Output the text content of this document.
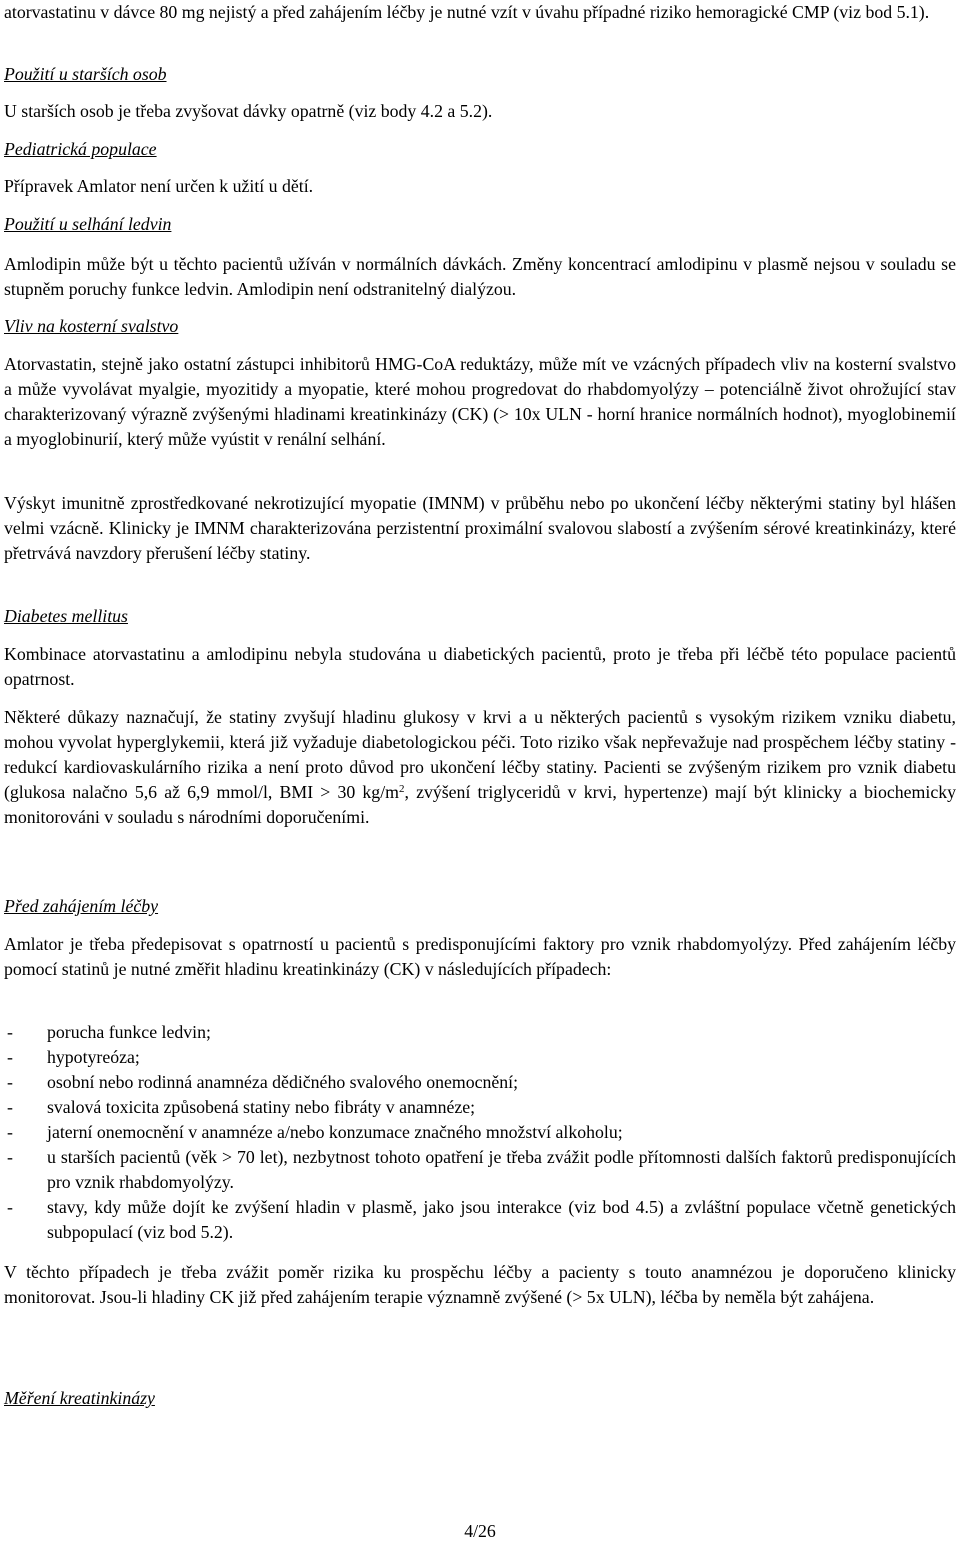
atorvastatinu v dávce 80 mg nejistý a před zahájením léčby je nutné vzít v úvahu případné riziko hemoragické CMP (viz bod 5.1).

Použití u starších osob

U starších osob je třeba zvyšovat dávky opatrně (viz body 4.2 a 5.2).

Pediatrická populace

Přípravek Amlator není určen k užití u dětí.

Použití u selhání ledvin

Amlodipin může být u těchto pacientů užíván v normálních dávkách. Změny koncentrací amlodipinu v plasmě nejsou v souladu se stupněm poruchy funkce ledvin. Amlodipin není odstranitelný dialýzou.

Vliv na kosterní svalstvo

Atorvastatin, stejně jako ostatní zástupci inhibitorů HMG-CoA reduktázy, může mít ve vzácných případech vliv na kosterní svalstvo a může vyvolávat myalgie, myozitidy a myopatie, které mohou progredovat do rhabdomyolýzy – potenciálně život ohrožující stav charakterizovaný výrazně zvýšenými hladinami kreatinkinázy (CK) (> 10x ULN - horní hranice normálních hodnot), myoglobinemií a myoglobinurií, který může vyústit v renální selhání.

Výskyt imunitně zprostředkované nekrotizující myopatie (IMNM) v průběhu nebo po ukončení léčby některými statiny byl hlášen velmi vzácně. Klinicky je IMNM charakterizována perzistentní proximální svalovou slabostí a zvýšením sérové kreatinkinázy, které přetrvává navzdory přerušení léčby statiny.

Diabetes mellitus

Kombinace atorvastatinu a amlodipinu nebyla studována u diabetických pacientů, proto je třeba při léčbě této populace pacientů opatrnost.

Některé důkazy naznačují, že statiny zvyšují hladinu glukosy v krvi a u některých pacientů s vysokým rizikem vzniku diabetu, mohou vyvolat hyperglykemii, která již vyžaduje diabetologickou péči. Toto riziko však nepřevažuje nad prospěchem léčby statiny - redukcí kardiovaskulárního rizika a není proto důvod pro ukončení léčby statiny. Pacienti se zvýšeným rizikem pro vznik diabetu (glukosa nalačno 5,6 až 6,9 mmol/l, BMI > 30 $kg/m^2$, zvýšení triglyceridů v krvi, hypertenze) mají být klinicky a biochemicky monitorováni v souladu s národními doporučeními.

Před zahájením léčby

Amlator je třeba předepisovat s opatrností u pacientů s predisponujícími faktory pro vznik rhabdomyolýzy. Před zahájením léčby pomocí statinů je nutné změřit hladinu kreatinkinázy (CK) v následujících případech:

- porucha funkce ledvin;
- hypotyreóza;
- osobní nebo rodinná anamnéza dědičného svalového onemocnění;
- svalová toxicita způsobená statiny nebo fibráty v anamnéze;
- jaterní onemocnění v anamnéze a/nebo konzumace značného množství alkoholu;
- u starších pacientů (věk > 70 let), nezbytnost tohoto opatření je třeba zvážit podle přítomnosti dalších faktorů predisponujících pro vznik rhabdomyolýzy.
- stavy, kdy může dojít ke zvýšení hladin v plasmě, jako jsou interakce (viz bod 4.5) a zvláštní populace včetně genetických subpopulací (viz bod 5.2).

V těchto případech je třeba zvážit poměr rizika ku prospěchu léčby a pacienty s touto anamnézou je doporučeno klinicky monitorovat. Jsou-li hladiny CK již před zahájením terapie významně zvýšené (> 5x ULN), léčba by neměla být zahájena.

Měření kreatinkinázy
4/26
